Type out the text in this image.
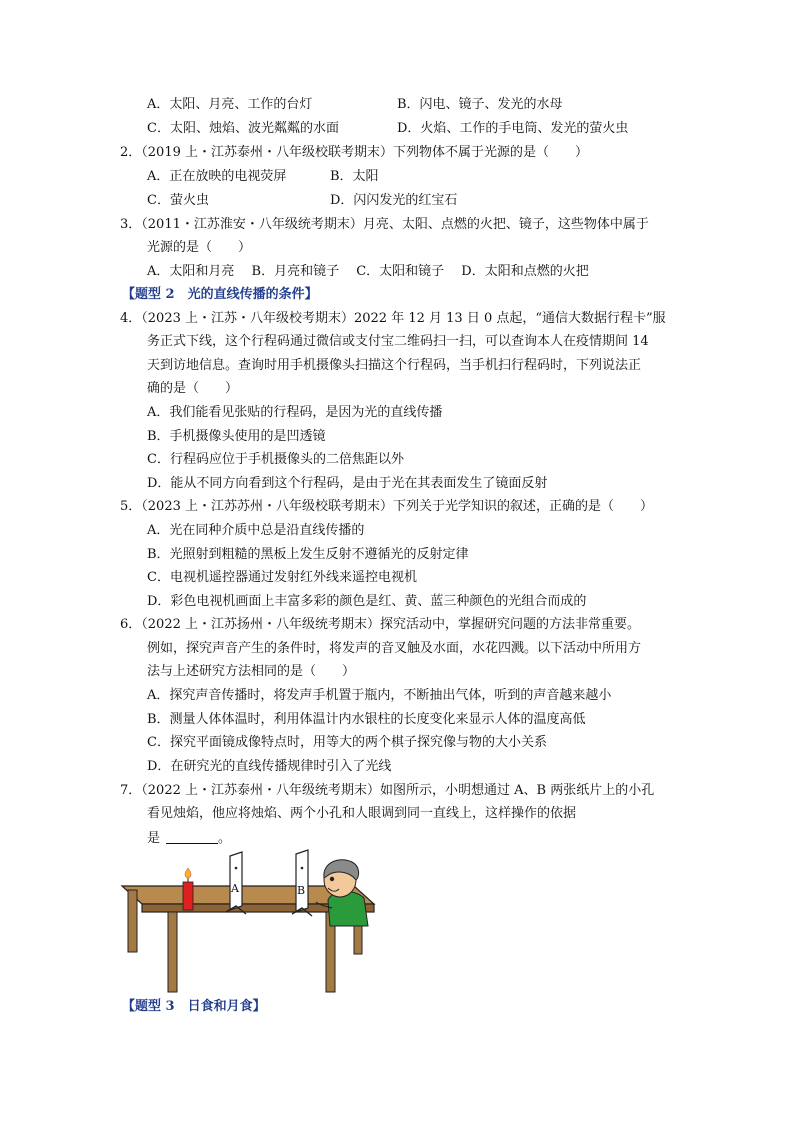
A．太阳、月亮、工作的台灯	B．闪电、镜子、发光的水母
C．太阳、烛焰、波光粼粼的水面	D．火焰、工作的手电筒、发光的萤火虫
2．（2019 上・江苏泰州・八年级校联考期末）下列物体不属于光源的是（　　）
A．正在放映的电视荧屏	B．太阳
C．萤火虫	D．闪闪发光的红宝石
3．（2011・江苏淮安・八年级统考期末）月亮、太阳、点燃的火把、镜子，这些物体中属于
光源的是（　　）
A．太阳和月亮　 B．月亮和镜子　 C．太阳和镜子　 D．太阳和点燃的火把
【题型 2　光的直线传播的条件】
4．（2023 上・江苏・八年级校考期末）2022 年 12 月 13 日 0 点起，“通信大数据行程卡”服
务正式下线，这个行程码通过微信或支付宝二维码扫一扫，可以查询本人在疫情期间 14
天到访地信息。查询时用手机摄像头扫描这个行程码，当手机扫行程码时，下列说法正
确的是（　　）
A．我们能看见张贴的行程码，是因为光的直线传播
B．手机摄像头使用的是凹透镜
C．行程码应位于手机摄像头的二倍焦距以外
D．能从不同方向看到这个行程码，是由于光在其表面发生了镜面反射
5．（2023 上・江苏苏州・八年级校联考期末）下列关于光学知识的叙述，正确的是（　　）
A．光在同种介质中总是沿直线传播的
B．光照射到粗糙的黑板上发生反射不遵循光的反射定律
C．电视机遥控器通过发射红外线来遥控电视机
D．彩色电视机画面上丰富多彩的颜色是红、黄、蓝三种颜色的光组合而成的
6．（2022 上・江苏扬州・八年级统考期末）探究活动中，掌握研究问题的方法非常重要。
例如，探究声音产生的条件时，将发声的音叉触及水面，水花四溅。以下活动中所用方
法与上述研究方法相同的是（　　）
A．探究声音传播时，将发声手机置于瓶内，不断抽出气体，听到的声音越来越小
B．测量人体体温时，利用体温计内水银柱的长度变化来显示人体的温度高低
C．探究平面镜成像特点时，用等大的两个棋子探究像与物的大小关系
D．在研究光的直线传播规律时引入了光线
7．（2022 上・江苏泰州・八年级统考期末）如图所示，小明想通过 A、B 两张纸片上的小孔
看见烛焰，他应将烛焰、两个小孔和人眼调到同一直线上，这样操作的依据
是	。
A	B
【题型 3　日食和月食】
